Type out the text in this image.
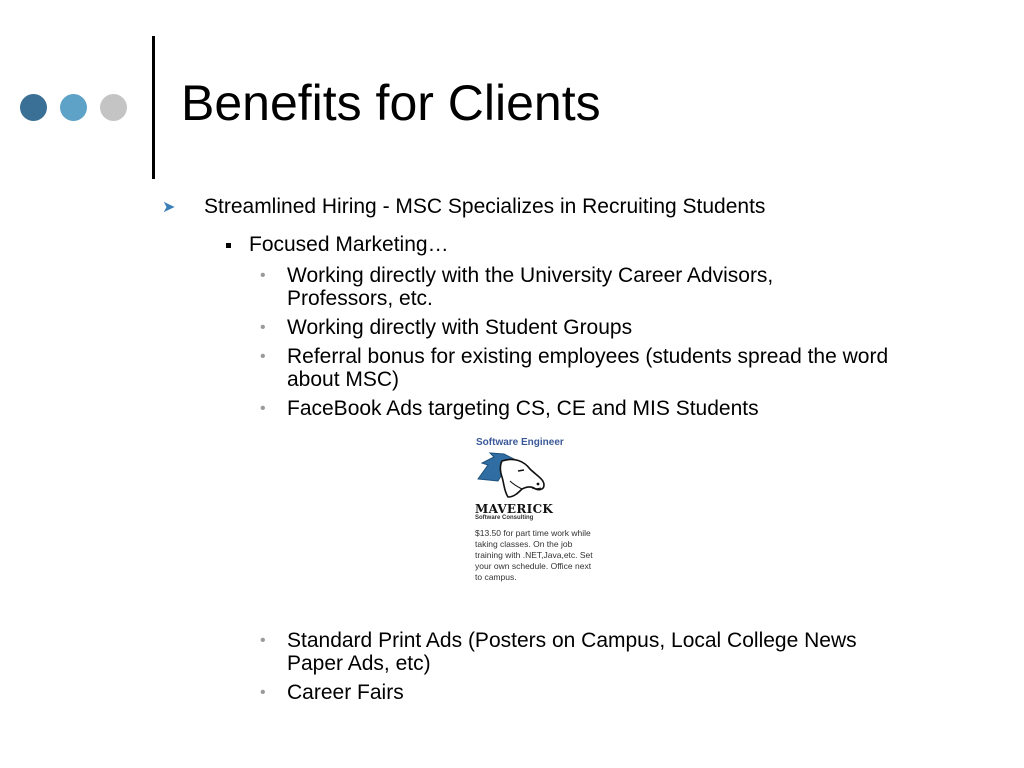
Benefits for Clients
➤ Streamlined Hiring - MSC Specializes in Recruiting Students
Focused Marketing…
• Working directly with the University Career Advisors, Professors, etc.
• Working directly with Student Groups
• Referral bonus for existing employees (students spread the word about MSC)
• FaceBook Ads targeting CS, CE and MIS Students
Software Engineer
MAVERICK
Software Consulting
$13.50 for part time work while taking classes. On the job training with .NET,Java,etc. Set your own schedule. Office next to campus.
• Standard Print Ads (Posters on Campus, Local College News Paper Ads, etc)
• Career Fairs
